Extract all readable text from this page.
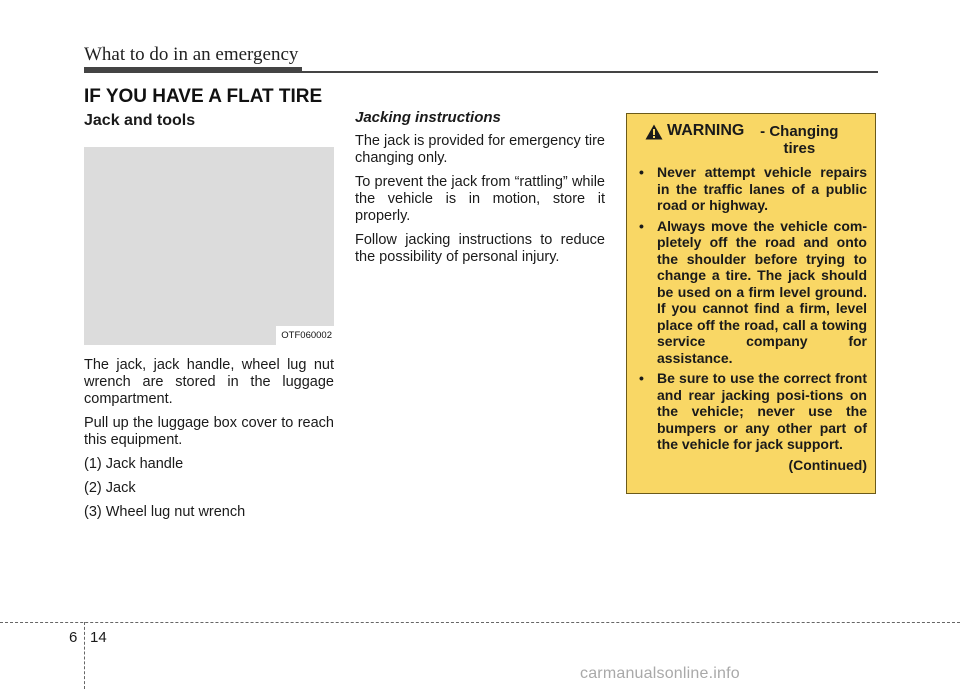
What to do in an emergency
IF YOU HAVE A FLAT TIRE
Jack and tools
OTF060002

The jack, jack handle, wheel lug nut wrench are stored in the luggage compartment.

Pull up the luggage box cover to reach this equipment.

(1) Jack handle

(2) Jack

(3) Wheel lug nut wrench

Jacking instructions

The jack is provided for emergency tire changing only.

To prevent the jack from “rattling” while the vehicle is in motion, store it properly.

Follow jacking instructions to reduce the possibility of personal injury.

WARNING	- Changing tires
• Never attempt vehicle repairs in the traffic lanes of a public road or highway.
• Always move the vehicle com-pletely off the road and onto the shoulder before trying to change a tire. The jack should be used on a firm level ground. If you cannot find a firm, level place off the road, call a towing service company for assistance.
• Be sure to use the correct front and rear jacking posi-tions on the vehicle; never use the bumpers or any other part of the vehicle for jack support.
(Continued)
6 14
carmanualsonline.info
